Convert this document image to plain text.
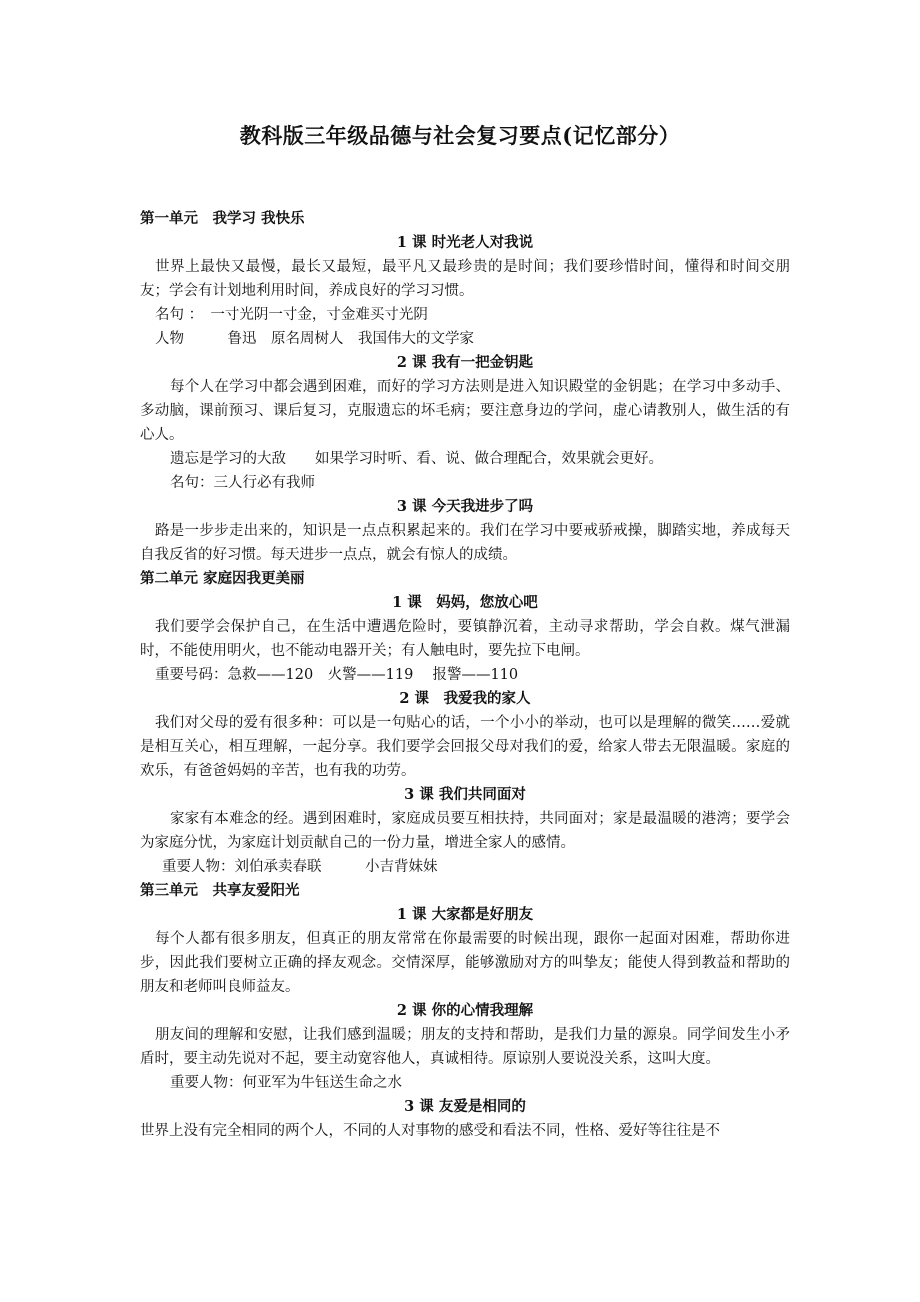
教科版三年级品德与社会复习要点(记忆部分）
第一单元　我学习 我快乐
1 课 时光老人对我说
世界上最快又最慢，最长又最短，最平凡又最珍贵的是时间；我们要珍惜时间，懂得和时间交朋友；学会有计划地利用时间，养成良好的学习习惯。
名句 ：　一寸光阴一寸金，寸金难买寸光阴
人物　　　鲁迅　原名周树人　我国伟大的文学家
2 课 我有一把金钥匙
每个人在学习中都会遇到困难，而好的学习方法则是进入知识殿堂的金钥匙；在学习中多动手、多动脑，课前预习、课后复习，克服遗忘的坏毛病；要注意身边的学问，虚心请教别人，做生活的有心人。
遗忘是学习的大敌　　如果学习时听、看、说、做合理配合，效果就会更好。
名句：三人行必有我师
3 课 今天我进步了吗
路是一步步走出来的，知识是一点点积累起来的。我们在学习中要戒骄戒操，脚踏实地，养成每天自我反省的好习惯。每天进步一点点，就会有惊人的成绩。
第二单元 家庭因我更美丽
1 课　妈妈，您放心吧
我们要学会保护自己，在生活中遭遇危险时，要镇静沉着，主动寻求帮助，学会自救。煤气泄漏时，不能使用明火，也不能动电器开关；有人触电时，要先拉下电闸。
重要号码：急救——120　火警——119　 报警——110
2 课　我爱我的家人
我们对父母的爱有很多种：可以是一句贴心的话，一个小小的举动，也可以是理解的微笑……爱就是相互关心，相互理解，一起分享。我们要学会回报父母对我们的爱，给家人带去无限温暖。家庭的欢乐，有爸爸妈妈的辛苦，也有我的功劳。
3 课 我们共同面对
家家有本难念的经。遇到困难时，家庭成员要互相扶持，共同面对；家是最温暖的港湾；要学会为家庭分忧，为家庭计划贡献自己的一份力量，增进全家人的感情。
重要人物：刘伯承卖春联　　　小吉背妹妹
第三单元　共享友爱阳光
1 课 大家都是好朋友
每个人都有很多朋友，但真正的朋友常常在你最需要的时候出现，跟你一起面对困难，帮助你进步，因此我们要树立正确的择友观念。交情深厚，能够激励对方的叫挚友；能使人得到教益和帮助的朋友和老师叫良师益友。
2 课 你的心情我理解
朋友间的理解和安慰，让我们感到温暖；朋友的支持和帮助，是我们力量的源泉。同学间发生小矛盾时，要主动先说对不起，要主动宽容他人，真诚相待。原谅别人要说没关系，这叫大度。
重要人物：何亚军为牛钰送生命之水
3 课 友爱是相同的
世界上没有完全相同的两个人，不同的人对事物的感受和看法不同，性格、爱好等往往是不
